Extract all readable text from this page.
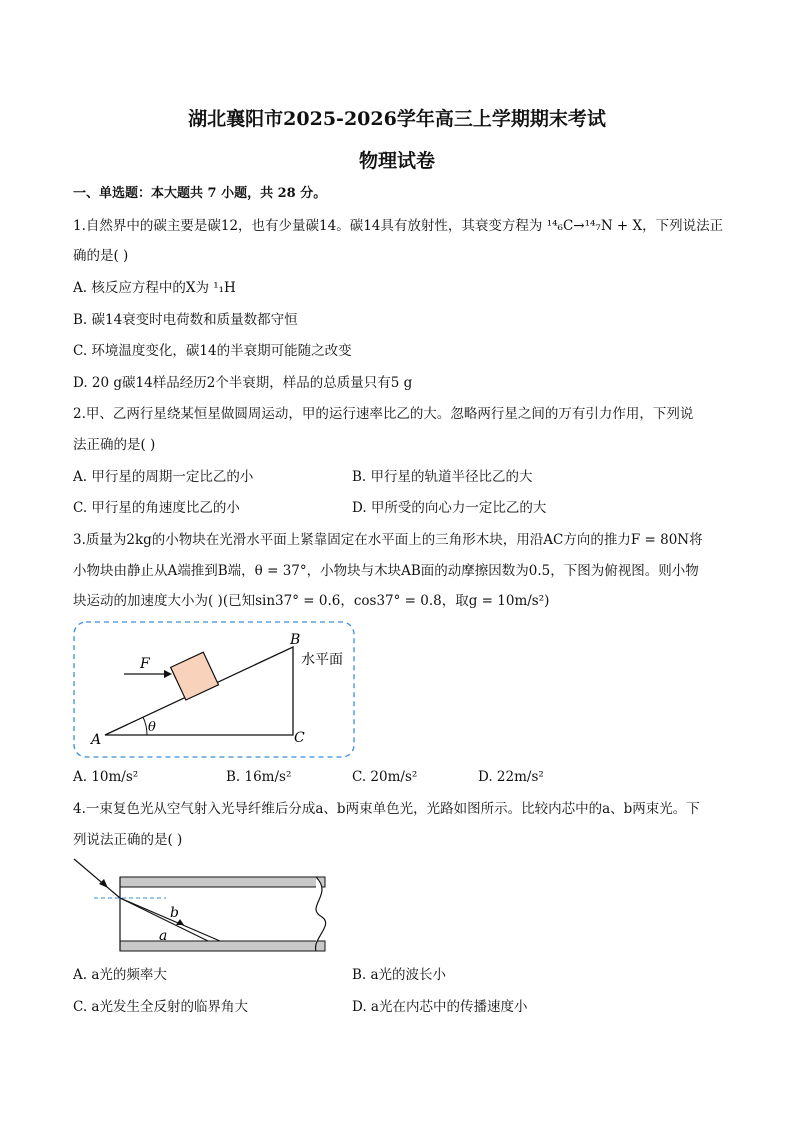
湖北襄阳市2025-2026学年高三上学期期末考试
物理试卷
一、单选题：本大题共 7 小题，共 28 分。
1.自然界中的碳主要是碳12，也有少量碳14。碳14具有放射性，其衰变方程为 ¹⁴₆C→¹⁴₇N + X，下列说法正
确的是( )
A. 核反应方程中的X为 ¹₁H
B. 碳14衰变时电荷数和质量数都守恒
C. 环境温度变化，碳14的半衰期可能随之改变
D. 20 g碳14样品经历2个半衰期，样品的总质量只有5 g
2.甲、乙两行星绕某恒星做圆周运动，甲的运行速率比乙的大。忽略两行星之间的万有引力作用，下列说
法正确的是( )
A. 甲行星的周期一定比乙的小	B. 甲行星的轨道半径比乙的大
C. 甲行星的角速度比乙的小	D. 甲所受的向心力一定比乙的大
3.质量为2kg的小物块在光滑水平面上紧靠固定在水平面上的三角形木块，用沿AC方向的推力F = 80N将
小物块由静止从A端推到B端，θ = 37°，小物块与木块AB面的动摩擦因数为0.5，下图为俯视图。则小物
块运动的加速度大小为( )(已知sin37° = 0.6，cos37° = 0.8，取g = 10m/s²)
F
B
水平面
A
θ
C
A. 10m/s²	B. 16m/s²	C. 20m/s²	D. 22m/s²
4.一束复色光从空气射入光导纤维后分成a、b两束单色光，光路如图所示。比较内芯中的a、b两束光。下
列说法正确的是( )
b
a
A. a光的频率大	B. a光的波长小
C. a光发生全反射的临界角大	D. a光在内芯中的传播速度小
